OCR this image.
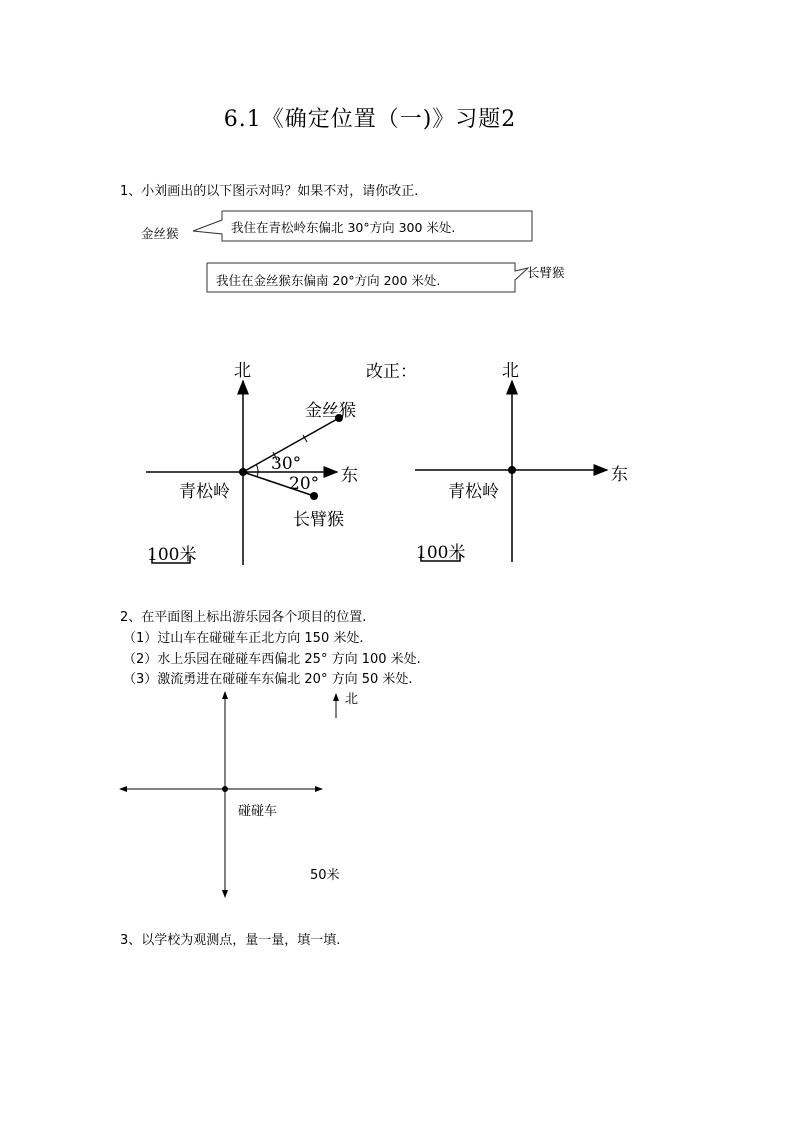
6.1《确定位置（一)》习题2
1、小刘画出的以下图示对吗？如果不对，请你改正.
金丝猴	我住在青松岭东偏北 30°方向 300 米处.
长臂猴
我住在金丝猴东偏南 20°方向 200 米处.
北
东
青松岭
金丝猴
长臂猴
30°
20°
100米
改正：	北
东
青松岭
100米
2、在平面图上标出游乐园各个项目的位置.
（1）过山车在碰碰车正北方向 150 米处.
（2）水上乐园在碰碰车西偏北 25° 方向 100 米处.
（3）激流勇进在碰碰车东偏北 20° 方向 50 米处.
北
碰碰车
50米
3、以学校为观测点，量一量，填一填.
